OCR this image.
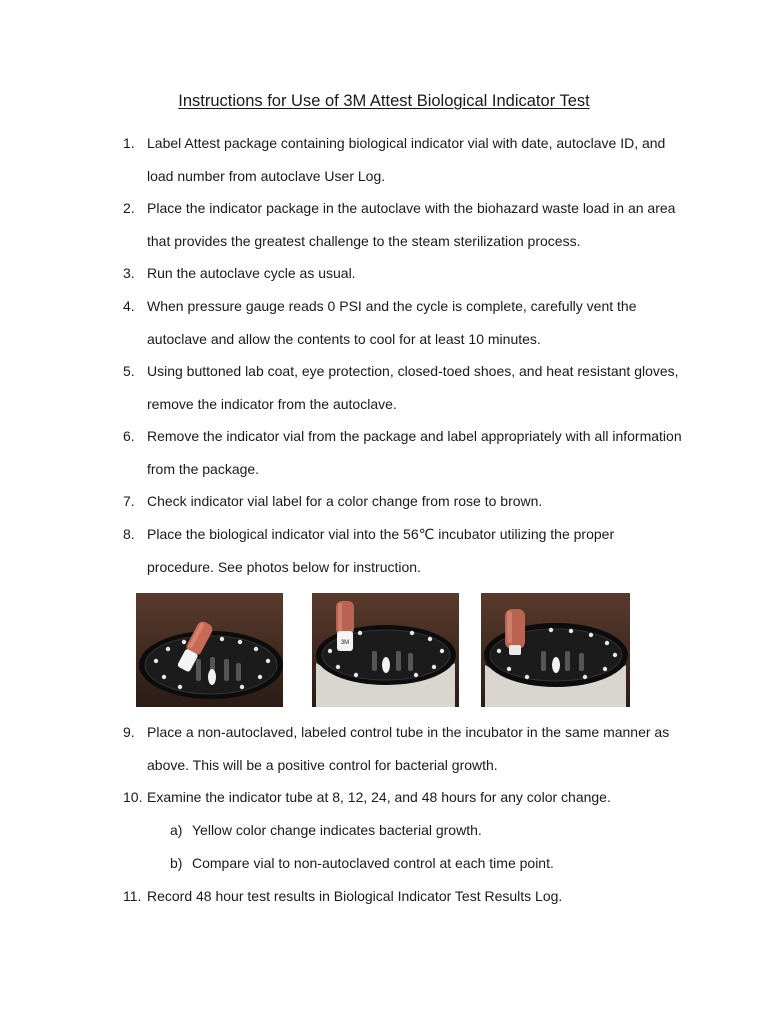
Instructions for Use of 3M Attest Biological Indicator Test
1. Label Attest package containing biological indicator vial with date, autoclave ID, and load number from autoclave User Log.
2. Place the indicator package in the autoclave with the biohazard waste load in an area that provides the greatest challenge to the steam sterilization process.
3. Run the autoclave cycle as usual.
4. When pressure gauge reads 0 PSI and the cycle is complete, carefully vent the autoclave and allow the contents to cool for at least 10 minutes.
5. Using buttoned lab coat, eye protection, closed-toed shoes, and heat resistant gloves, remove the indicator from the autoclave.
6. Remove the indicator vial from the package and label appropriately with all information from the package.
7. Check indicator vial label for a color change from rose to brown.
8. Place the biological indicator vial into the 56℃ incubator utilizing the proper procedure. See photos below for instruction.
3M
9. Place a non-autoclaved, labeled control tube in the incubator in the same manner as above. This will be a positive control for bacterial growth.
10. Examine the indicator tube at 8, 12, 24, and 48 hours for any color change.
a) Yellow color change indicates bacterial growth.
b) Compare vial to non-autoclaved control at each time point.
11. Record 48 hour test results in Biological Indicator Test Results Log.
